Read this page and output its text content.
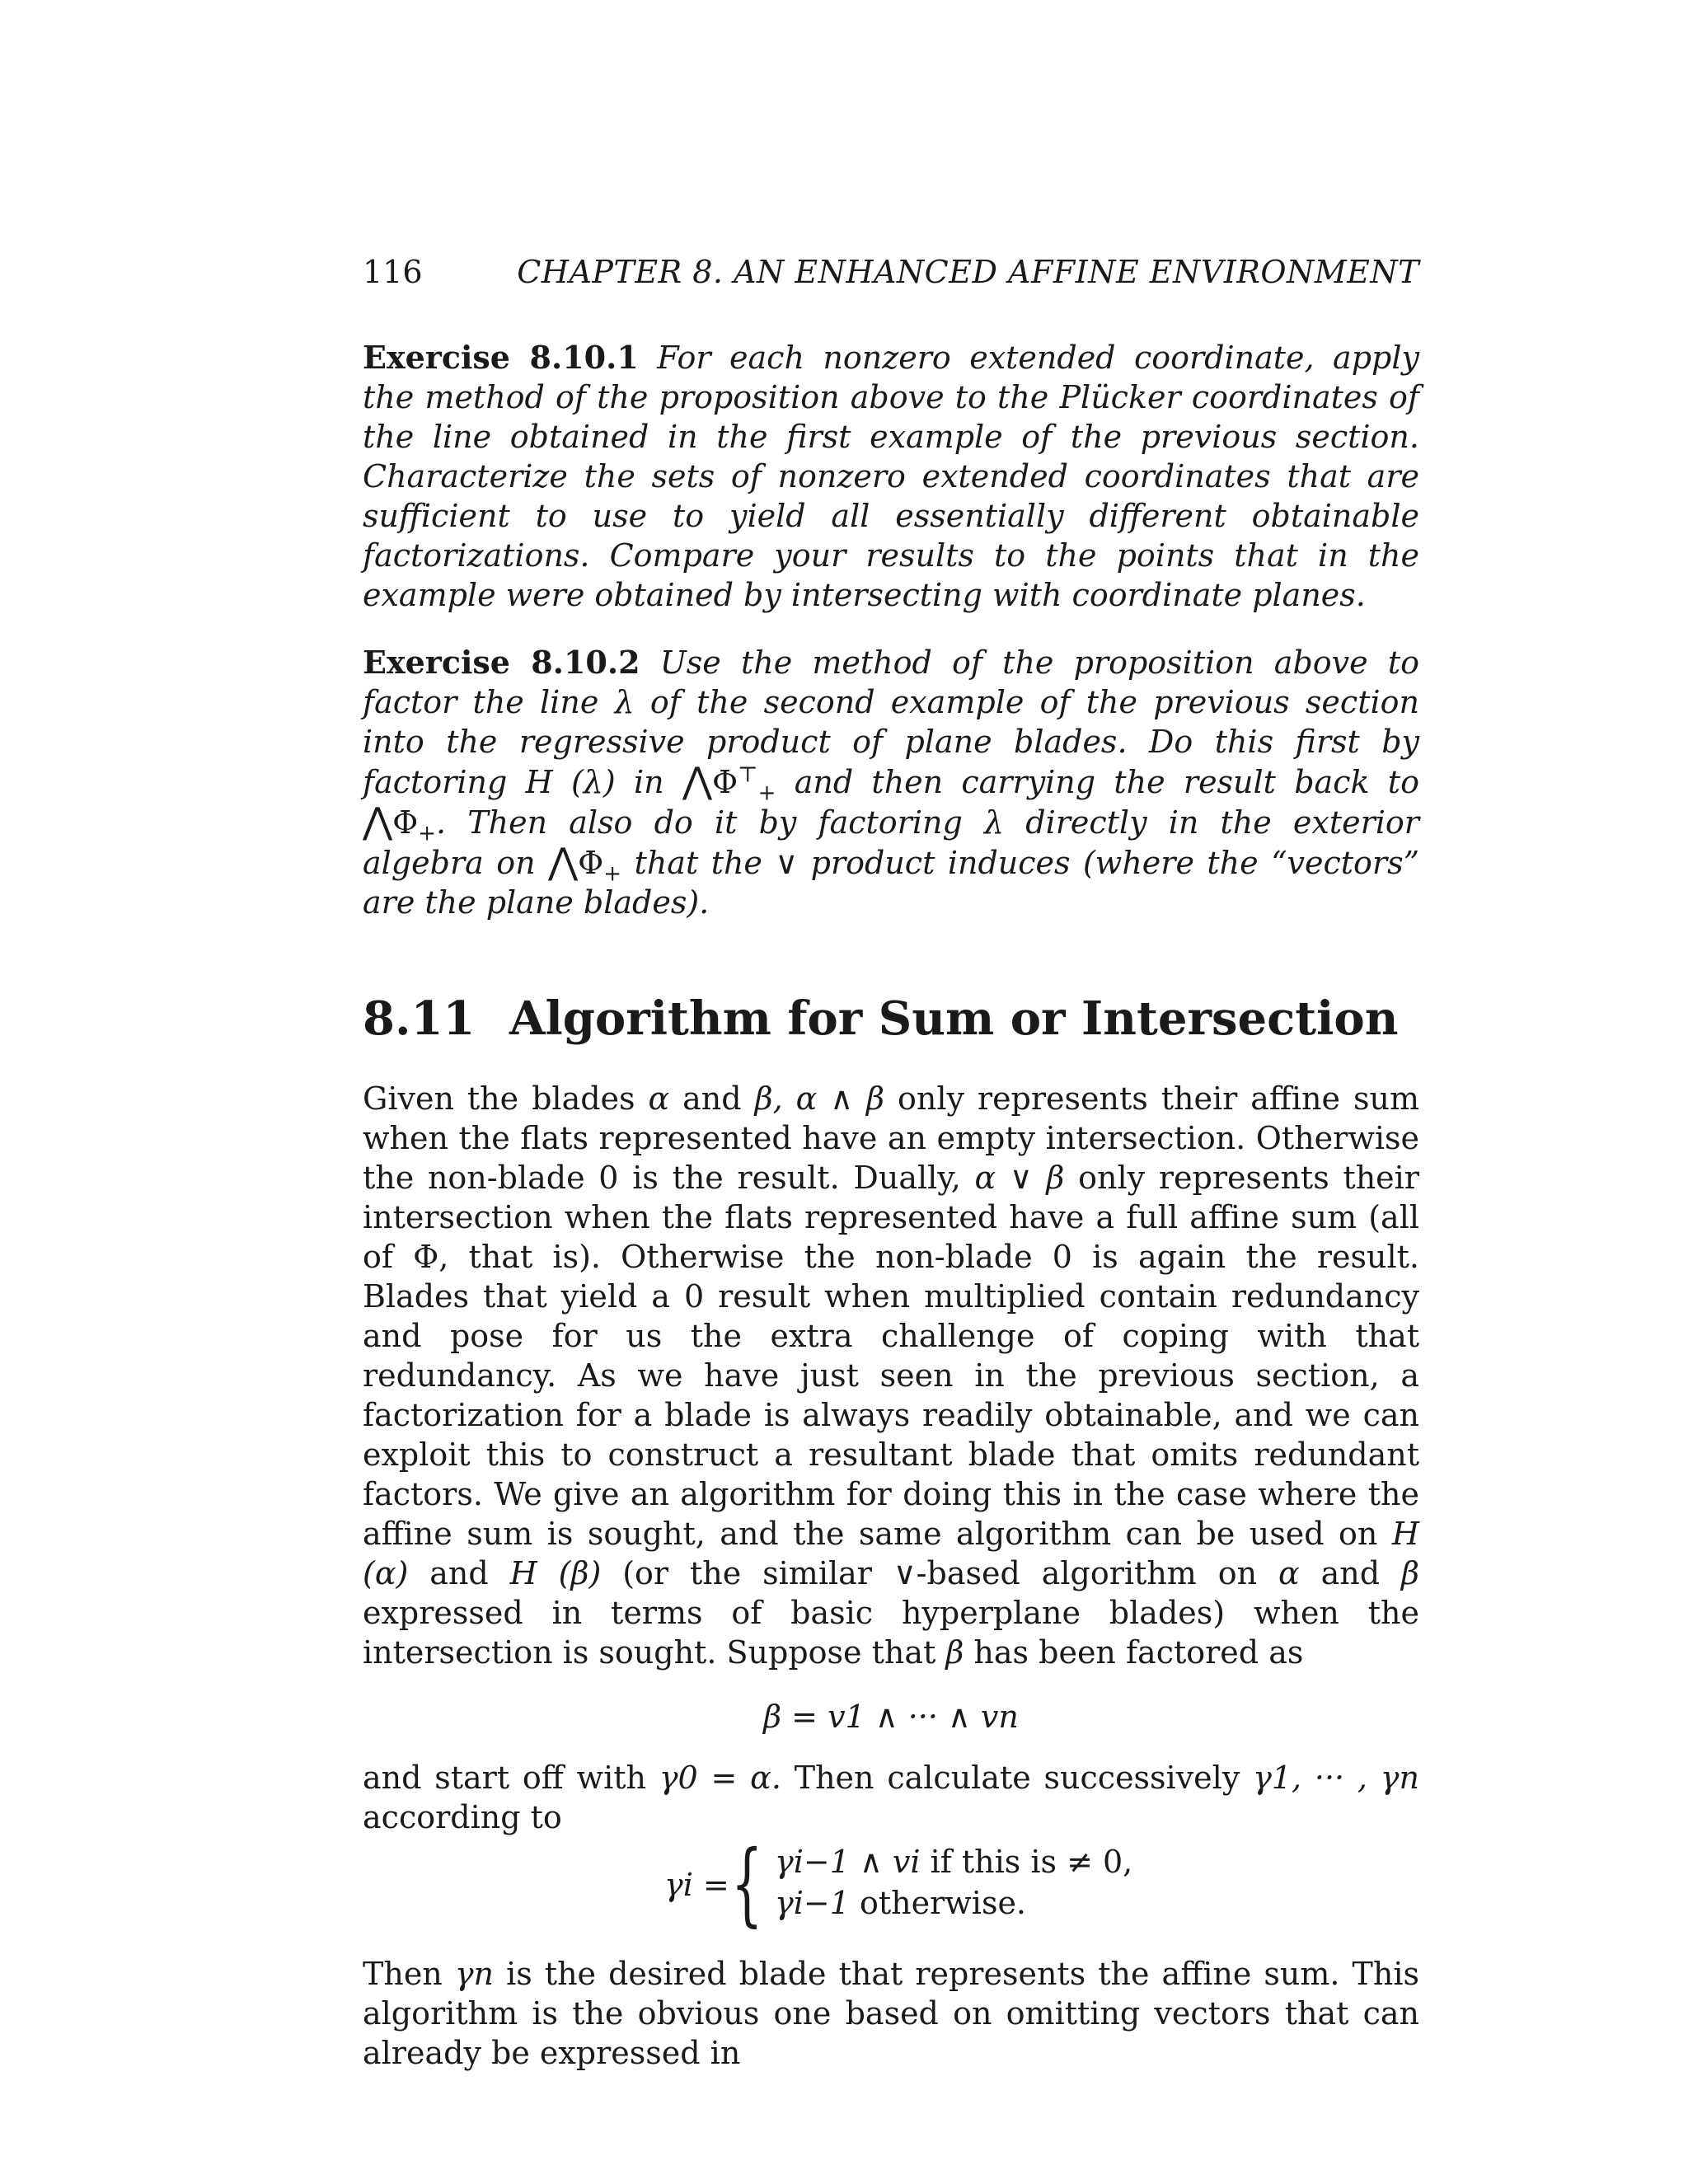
116	CHAPTER 8. AN ENHANCED AFFINE ENVIRONMENT

Exercise 8.10.1 For each nonzero extended coordinate, apply the method of the proposition above to the Plücker coordinates of the line obtained in the first example of the previous section. Characterize the sets of nonzero extended coordinates that are sufficient to use to yield all essentially different obtainable factorizations. Compare your results to the points that in the example were obtained by intersecting with coordinate planes.

Exercise 8.10.2 Use the method of the proposition above to factor the line λ of the second example of the previous section into the regressive product of plane blades. Do this first by factoring H (λ) in $⋀\Phi^⊤_+$ and then carrying the result back to $⋀\Phi_+$. Then also do it by factoring λ directly in the exterior algebra on $⋀\Phi_+$ that the ∨ product induces (where the “vectors” are the plane blades).

8.11 Algorithm for Sum or Intersection

Given the blades α and β, α ∧ β only represents their affine sum when the flats represented have an empty intersection. Otherwise the non-blade 0 is the result. Dually, α ∨ β only represents their intersection when the flats represented have a full affine sum (all of Φ, that is). Otherwise the non-blade 0 is again the result. Blades that yield a 0 result when multiplied contain redundancy and pose for us the extra challenge of coping with that redundancy. As we have just seen in the previous section, a factorization for a blade is always readily obtainable, and we can exploit this to construct a resultant blade that omits redundant factors. We give an algorithm for doing this in the case where the affine sum is sought, and the same algorithm can be used on H (α) and H (β) (or the similar ∨-based algorithm on α and β expressed in terms of basic hyperplane blades) when the intersection is sought. Suppose that β has been factored as

β = v1 ∧ ··· ∧ vn

and start off with γ0 = α. Then calculate successively γ1, ··· , γn according to

γi = { γi−1 ∧ vi if this is ≠ 0,
γi−1 otherwise.

Then γn is the desired blade that represents the affine sum. This algorithm is the obvious one based on omitting vectors that can already be expressed in
